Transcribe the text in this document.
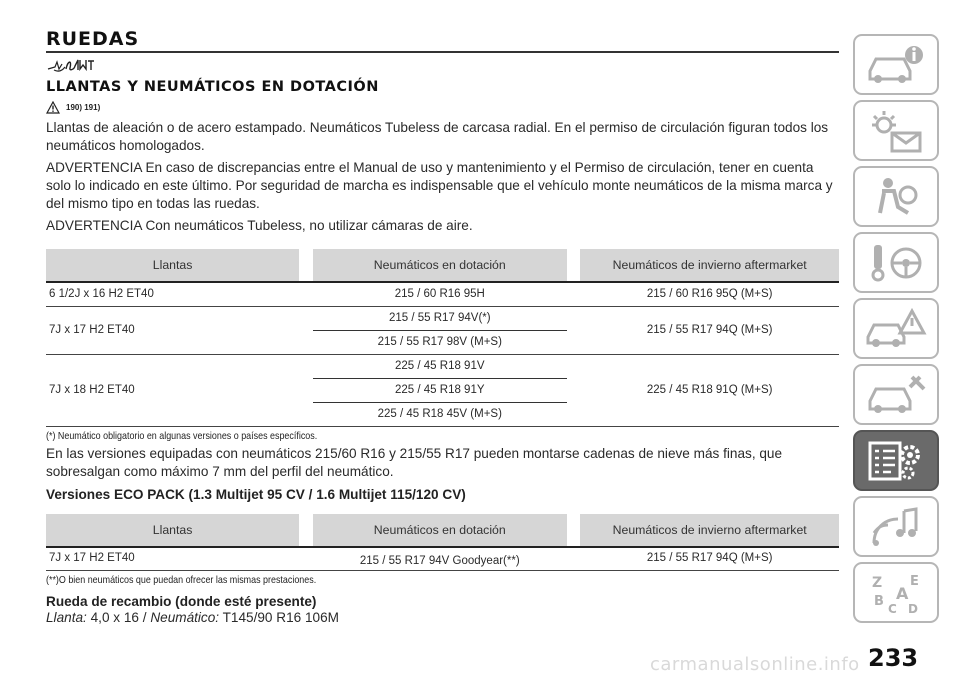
RUEDAS
LLANTAS Y NEUMÁTICOS EN DOTACIÓN
190) 191)

Llantas de aleación o de acero estampado. Neumáticos Tubeless de carcasa radial. En el permiso de circulación figuran todos los neumáticos homologados.

ADVERTENCIA En caso de discrepancias entre el Manual de uso y mantenimiento y el Permiso de circulación, tener en cuenta solo lo indicado en este último. Por seguridad de marcha es indispensable que el vehículo monte neumáticos de la misma marca y del mismo tipo en todas las ruedas.

ADVERTENCIA Con neumáticos Tubeless, no utilizar cámaras de aire.

Llantas		Neumáticos en dotación		Neumáticos de invierno aftermarket
6 1/2J x 16 H2 ET40		215 / 60 R16 95H		215 / 60 R16 95Q (M+S)
7J x 17 H2 ET40		215 / 55 R17 94V(*)		215 / 55 R17 94Q (M+S)
		215 / 55 R17 98V (M+S)		
7J x 18 H2 ET40		225 / 45 R18 91V		225 / 45 R18 91Q (M+S)
		225 / 45 R18 91Y		
		225 / 45 R18 45V (M+S)		
(*) Neumático obligatorio en algunas versiones o países específicos.

En las versiones equipadas con neumáticos 215/60 R16 y 215/55 R17 pueden montarse cadenas de nieve más finas, que sobresalgan como máximo 7 mm del perfil del neumático.

Versiones ECO PACK (1.3 Multijet 95 CV / 1.6 Multijet 115/120 CV)
Llantas		Neumáticos en dotación		Neumáticos de invierno aftermarket
7J x 17 H2 ET40		215 / 55 R17 94V Goodyear(**)		215 / 55 R17 94Q (M+S)
(**)O bien neumáticos que puedan ofrecer las mismas prestaciones.
Rueda de recambio (donde esté presente)
Llanta: 4,0 x 16 / Neumático: T145/90 R16 106M
Z E
A
B C D
233
carmanualsonline.info
